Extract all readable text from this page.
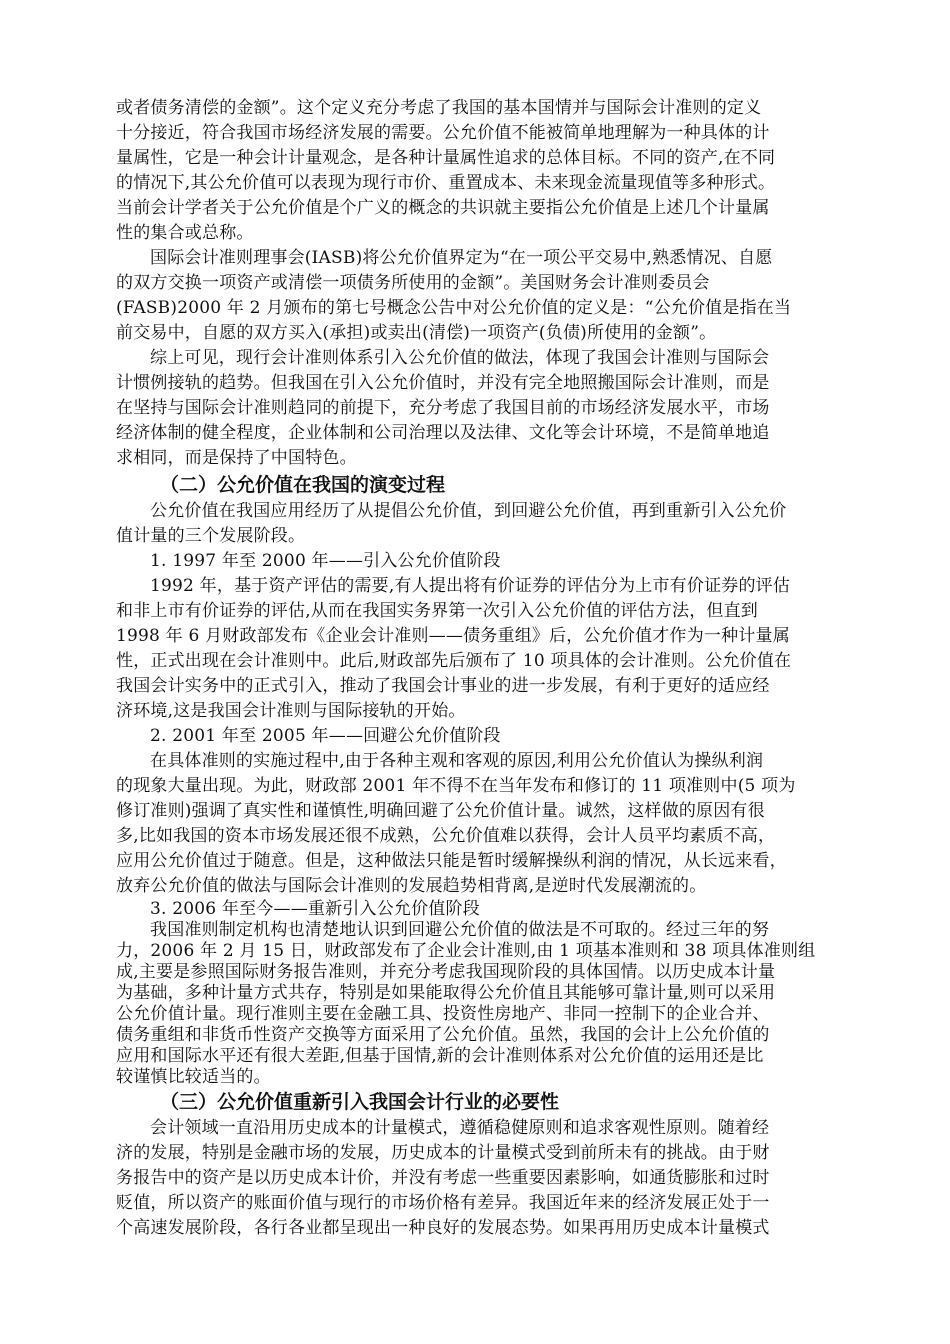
或者债务清偿的金额”。这个定义充分考虑了我国的基本国情并与国际会计准则的定义
十分接近，符合我国市场经济发展的需要。公允价值不能被简单地理解为一种具体的计
量属性，它是一种会计计量观念，是各种计量属性追求的总体目标。不同的资产,在不同
的情况下,其公允价值可以表现为现行市价、重置成本、未来现金流量现值等多种形式。
当前会计学者关于公允价值是个广义的概念的共识就主要指公允价值是上述几个计量属
性的集合或总称。
国际会计准则理事会(IASB)将公允价值界定为“在一项公平交易中,熟悉情况、自愿
的双方交换一项资产或清偿一项债务所使用的金额”。美国财务会计准则委员会
(FASB)2000 年 2 月颁布的第七号概念公告中对公允价值的定义是：“公允价值是指在当
前交易中，自愿的双方买入(承担)或卖出(清偿)一项资产(负债)所使用的金额”。
综上可见，现行会计准则体系引入公允价值的做法，体现了我国会计准则与国际会
计惯例接轨的趋势。但我国在引入公允价值时，并没有完全地照搬国际会计准则，而是
在坚持与国际会计准则趋同的前提下，充分考虑了我国目前的市场经济发展水平，市场
经济体制的健全程度，企业体制和公司治理以及法律、文化等会计环境，不是简单地追
求相同，而是保持了中国特色。
（二）公允价值在我国的演变过程
公允价值在我国应用经历了从提倡公允价值，到回避公允价值，再到重新引入公允价
值计量的三个发展阶段。
1. 1997 年至 2000 年——引入公允价值阶段
1992 年，基于资产评估的需要,有人提出将有价证券的评估分为上市有价证券的评估
和非上市有价证券的评估,从而在我国实务界第一次引入公允价值的评估方法，但直到
1998 年 6 月财政部发布《企业会计准则——债务重组》后，公允价值才作为一种计量属
性，正式出现在会计准则中。此后,财政部先后颁布了 10 项具体的会计准则。公允价值在
我国会计实务中的正式引入，推动了我国会计事业的进一步发展，有利于更好的适应经
济环境,这是我国会计准则与国际接轨的开始。
2. 2001 年至 2005 年——回避公允价值阶段
在具体准则的实施过程中,由于各种主观和客观的原因,利用公允价值认为操纵利润
的现象大量出现。为此，财政部 2001 年不得不在当年发布和修订的 11 项准则中(5 项为
修订准则)强调了真实性和谨慎性,明确回避了公允价值计量。诚然，这样做的原因有很
多,比如我国的资本市场发展还很不成熟，公允价值难以获得，会计人员平均素质不高，
应用公允价值过于随意。但是，这种做法只能是暂时缓解操纵利润的情况，从长远来看，
放弃公允价值的做法与国际会计准则的发展趋势相背离,是逆时代发展潮流的。
3. 2006 年至今——重新引入公允价值阶段
我国准则制定机构也清楚地认识到回避公允价值的做法是不可取的。经过三年的努
力，2006 年 2 月 15 日，财政部发布了企业会计准则,由 1 项基本准则和 38 项具体准则组
成,主要是参照国际财务报告准则，并充分考虑我国现阶段的具体国情。以历史成本计量
为基础，多种计量方式共存，特别是如果能取得公允价值且其能够可靠计量,则可以采用
公允价值计量。现行准则主要在金融工具、投资性房地产、非同一控制下的企业合并、
债务重组和非货币性资产交换等方面采用了公允价值。虽然，我国的会计上公允价值的
应用和国际水平还有很大差距,但基于国情,新的会计准则体系对公允价值的运用还是比
较谨慎比较适当的。
（三）公允价值重新引入我国会计行业的必要性
会计领域一直沿用历史成本的计量模式，遵循稳健原则和追求客观性原则。随着经
济的发展，特别是金融市场的发展，历史成本的计量模式受到前所未有的挑战。由于财
务报告中的资产是以历史成本计价，并没有考虑一些重要因素影响，如通货膨胀和过时
贬值，所以资产的账面价值与现行的市场价格有差异。我国近年来的经济发展正处于一
个高速发展阶段，各行各业都呈现出一种良好的发展态势。如果再用历史成本计量模式
